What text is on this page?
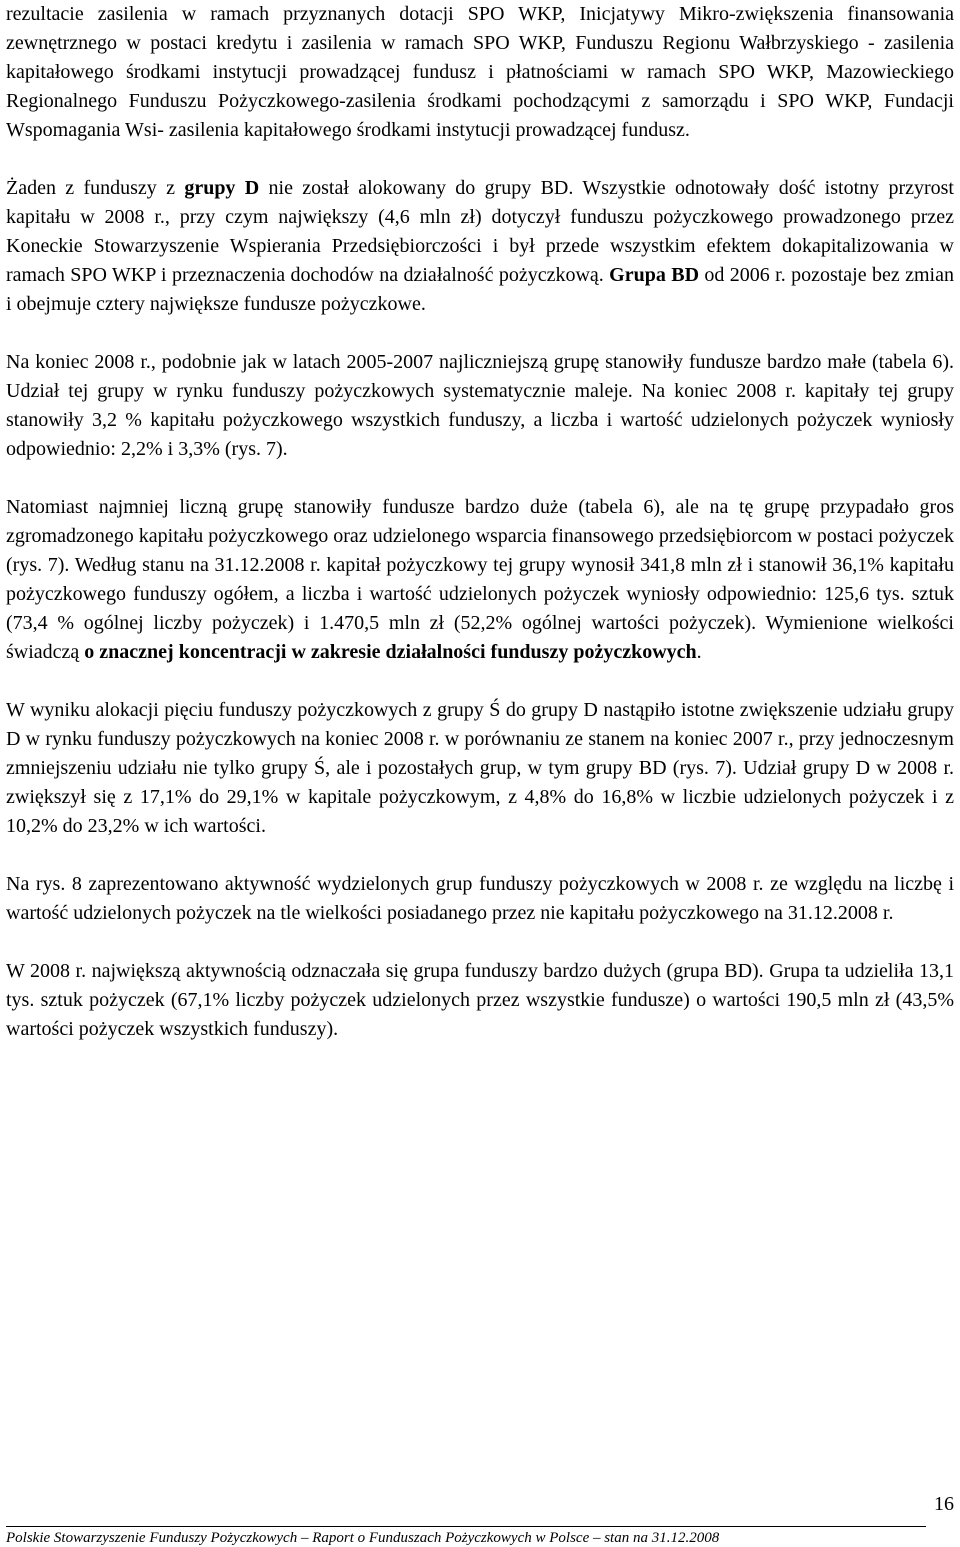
rezultacie zasilenia w ramach przyznanych dotacji SPO WKP, Inicjatywy Mikro-zwiększenia finansowania zewnętrznego w postaci kredytu i zasilenia w ramach SPO WKP, Funduszu Regionu Wałbrzyskiego - zasilenia kapitałowego środkami instytucji prowadzącej fundusz i płatnościami w ramach SPO WKP, Mazowieckiego Regionalnego Funduszu Pożyczkowego-zasilenia środkami pochodzącymi z samorządu i SPO WKP, Fundacji Wspomagania Wsi- zasilenia kapitałowego środkami instytucji prowadzącej fundusz.

Żaden z funduszy z grupy D nie został alokowany do grupy BD. Wszystkie odnotowały dość istotny przyrost kapitału w 2008 r., przy czym największy (4,6 mln zł) dotyczył funduszu pożyczkowego prowadzonego przez Koneckie Stowarzyszenie Wspierania Przedsiębiorczości i był przede wszystkim efektem dokapitalizowania w ramach SPO WKP i przeznaczenia dochodów na działalność pożyczkową. Grupa BD od 2006 r. pozostaje bez zmian i obejmuje cztery największe fundusze pożyczkowe.

Na koniec 2008 r., podobnie jak w latach 2005-2007 najliczniejszą grupę stanowiły fundusze bardzo małe (tabela 6). Udział tej grupy w rynku funduszy pożyczkowych systematycznie maleje. Na koniec 2008 r. kapitały tej grupy stanowiły 3,2 % kapitału pożyczkowego wszystkich funduszy, a liczba i wartość udzielonych pożyczek wyniosły odpowiednio: 2,2% i 3,3% (rys. 7).

Natomiast najmniej liczną grupę stanowiły fundusze bardzo duże (tabela 6), ale na tę grupę przypadało gros zgromadzonego kapitału pożyczkowego oraz udzielonego wsparcia finansowego przedsiębiorcom w postaci pożyczek (rys. 7). Według stanu na 31.12.2008 r. kapitał pożyczkowy tej grupy wynosił 341,8 mln zł i stanowił 36,1% kapitału pożyczkowego funduszy ogółem, a liczba i wartość udzielonych pożyczek wyniosły odpowiednio: 125,6 tys. sztuk (73,4 % ogólnej liczby pożyczek) i 1.470,5 mln zł (52,2% ogólnej wartości pożyczek). Wymienione wielkości świadczą o znacznej koncentracji w zakresie działalności funduszy pożyczkowych.

W wyniku alokacji pięciu funduszy pożyczkowych z grupy Ś do grupy D nastąpiło istotne zwiększenie udziału grupy D w rynku funduszy pożyczkowych na koniec 2008 r. w porównaniu ze stanem na koniec 2007 r., przy jednoczesnym zmniejszeniu udziału nie tylko grupy Ś, ale i pozostałych grup, w tym grupy BD (rys. 7). Udział grupy D w 2008 r. zwiększył się z 17,1% do 29,1% w kapitale pożyczkowym, z 4,8% do 16,8% w liczbie udzielonych pożyczek i z 10,2% do 23,2% w ich wartości.

Na rys. 8 zaprezentowano aktywność wydzielonych grup funduszy pożyczkowych w 2008 r. ze względu na liczbę i wartość udzielonych pożyczek na tle wielkości posiadanego przez nie kapitału pożyczkowego na 31.12.2008 r.

W 2008 r. największą aktywnością odznaczała się grupa funduszy bardzo dużych (grupa BD). Grupa ta udzieliła 13,1 tys. sztuk pożyczek (67,1% liczby pożyczek udzielonych przez wszystkie fundusze) o wartości 190,5 mln zł (43,5% wartości pożyczek wszystkich funduszy).

16
Polskie Stowarzyszenie Funduszy Pożyczkowych – Raport o Funduszach Pożyczkowych w Polsce – stan na 31.12.2008
